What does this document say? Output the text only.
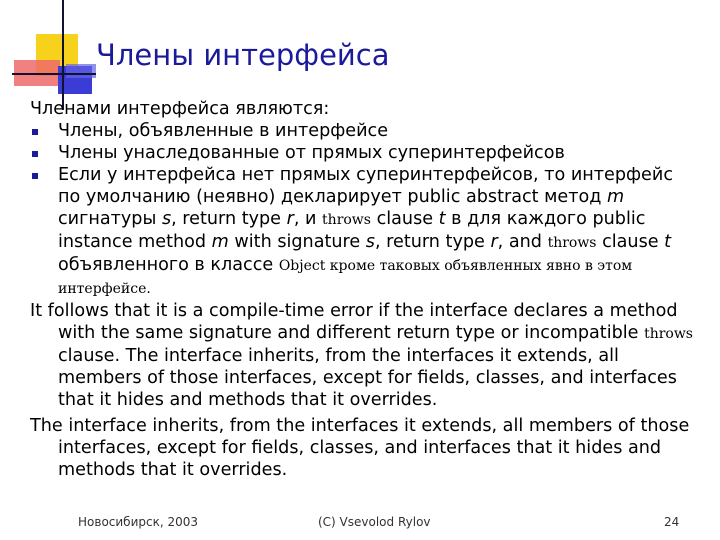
Члены интерфейса

Членами интерфейса являются:

Члены, объявленные в интерфейсе

Члены унаследованные от прямых суперинтерфейсов

Если у интерфейса нет прямых суперинтерфейсов, то интерфейс по умолчанию (неявно) декларирует public abstract метод m сигнатуры s, return type r, и throws clause t в для каждого public instance method m with signature s, return type r, and throws clause t объявленного в классе Object кроме таковых объявленных явно в этом интерфейсе.

It follows that it is a compile-time error if the interface declares a method with the same signature and different return type or incompatible throws clause. The interface inherits, from the interfaces it extends, all members of those interfaces, except for fields, classes, and interfaces that it hides and methods that it overrides.

The interface inherits, from the interfaces it extends, all members of those interfaces, except for fields, classes, and interfaces that it hides and methods that it overrides.

Новосибирск, 2003	(C) Vsevolod Rylov	24
